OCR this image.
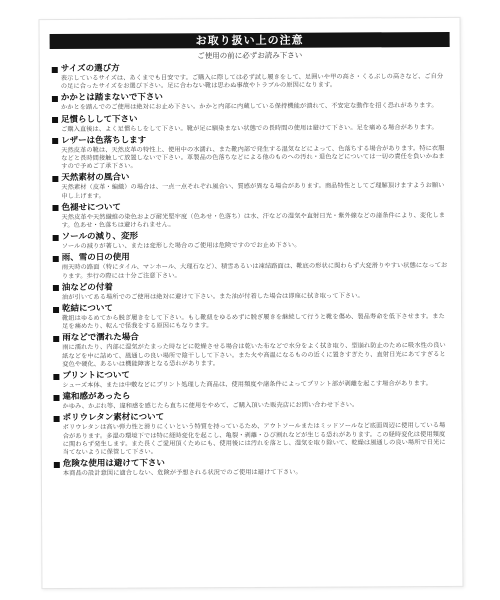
お取り扱い上の注意
ご使用の前に必ずお読み下さい
サイズの選び方
表示しているサイズは、あくまでも目安です。ご購入に際しては必ず試し履きをして、足囲いや甲の高さ・くるぶしの高さなど、ご自分の足に合ったサイズをお選び下さい。足に合わない靴は思わぬ事故やトラブルの原因になります。
かかとは踏まないで下さい
かかとを踏んでのご使用は絶対にお止め下さい。かかと内部に内蔵している保持機能が潰れて、不安定な動作を招く恐れがあります。
足慣らしして下さい
ご購入直後は、よく足慣らしをして下さい。靴が足に馴染まない状態での長時間の使用は避けて下さい。足を痛める場合があります。
レザーは色落ちします
天然皮革の靴は、天然皮革の特性上、使用中の水濡れ、また靴内部で発生する湿気などによって、色落ちする場合があります。特に衣服などと長時間接触して放置しないで下さい。革製品の色落ちなどによる他のものへの汚れ・退色などについては一切の責任を負いかねますので予めご了承下さい。
天然素材の風合い
天然素材（皮革・編織）の場合は、一点一点それぞれ風合い、質感が異なる場合があります。商品特性としてご理解頂けますようお願い申し上げます。
色褪せについて
天然皮革や天然繊維の染色および耐光堅牢度（色あせ・色落ち）は水、汗などの湿気や直射日光・紫外線などの諸条件により、変化します。色あせ・色落ちは避けられません。
ソールの減り、変形
ソールの減りが著しい、または変形した場合のご使用は危険ですのでお止め下さい。
雨、雪の日の使用
雨天時の路面（特にタイル、マンホール、大理石など）、積雪あるいは凍結路面は、靴底の形状に関わらず大変滑りやすい状態になっております。歩行の際には十分ご注意下さい。
油などの付着
油が引いてある場所でのご使用は絶対に避けて下さい。また油が付着した場合は即座に拭き取って下さい。
乾結について
靴紐はゆるめてから脱ぎ履きをして下さい。もし靴紐をゆるめずに脱ぎ履きを継続して行うと靴を傷め、製品寿命を低下させます。また足を痛めたり、転んで怪我をする原因にもなります。
雨などで濡れた場合
雨に濡れたり、内部に湿気がたまった時などに乾燥させる場合は乾いた布などで水分をよく拭き取り、型崩れ防止のために吸水性の良い紙などを中に詰めて、風通しの良い場所で陰干しして下さい。また火や高温になるものの近くに置きすぎたり、直射日光にあてすぎると変色や硬化、あるいは機能障害となる恐れがあります。
プリントについて
シューズ本体、または中敷などにプリント処理した商品は、使用頻度や諸条件によってプリント部が剥離を起こす場合があります。
違和感があったら
かゆみ、かぶれ等、違和感を感じたら直ちに使用をやめて、ご購入頂いた販売店にお問い合わせ下さい。
ポリウレタン素材について
ポリウレタンは高い弾力性と滑りにくいという特質を持っているため、アウトソールまたはミッドソールなど底面周辺に使用している場合があります。多湿の環境下では特に経時変化を起こし、亀裂・剥離・ひび割れなどが生じる恐れがあります。この経時変化は使用頻度に関わらず発生します。また長くご愛用頂くためにも、使用後には汚れを落とし、湿気を取り除いて、乾燥は風通しの良い場所で日光に当てないように保管して下さい。
危険な使用は避けて下さい
本商品の設計意図に適合しない、危険が予想される状況でのご使用は避けて下さい。
